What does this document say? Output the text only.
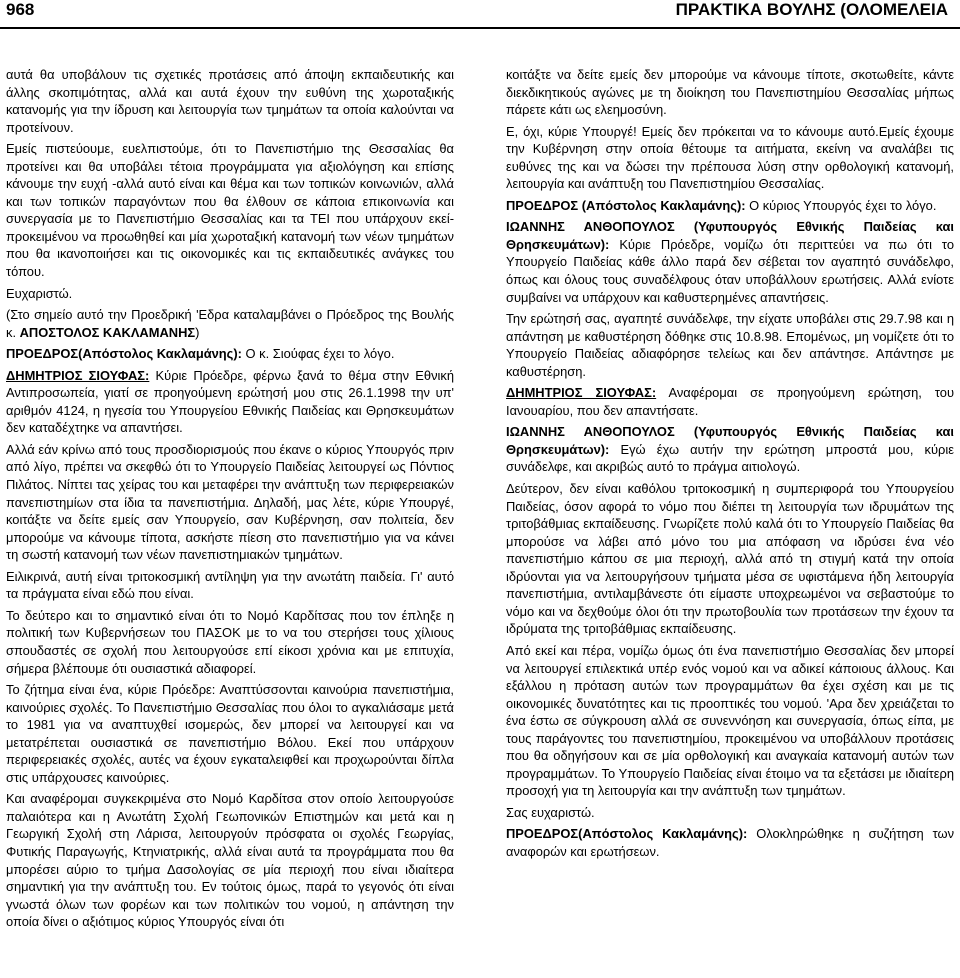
968	ΠΡΑΚΤΙΚΑ ΒΟΥΛΗΣ (ΟΛΟΜΕΛΕΙΑ

αυτά θα υποβάλουν τις σχετικές προτάσεις από άποψη εκπαιδευτικής και άλλης σκοπιμότητας, αλλά και αυτά έχουν την ευθύνη της χωροταξικής κατανομής για την ίδρυση και λειτουργία των τμημάτων τα οποία καλούνται να προτείνουν.

Εμείς πιστεύουμε, ευελπιστούμε, ότι το Πανεπιστήμιο της Θεσσαλίας θα προτείνει και θα υποβάλει τέτοια προγράμματα για αξιολόγηση και επίσης κάνουμε την ευχή -αλλά αυτό είναι και θέμα και των τοπικών κοινωνιών, αλλά και των τοπικών παραγόντων που θα έλθουν σε κάποια επικοινωνία και συνεργασία με το Πανεπιστήμιο Θεσσαλίας και τα ΤΕΙ που υπάρχουν εκεί- προκειμένου να προωθηθεί και μία χωροταξική κατανομή των νέων τμημάτων που θα ικανοποιήσει και τις οικονομικές και τις εκπαιδευτικές ανάγκες του τόπου.

Ευχαριστώ.

(Στο σημείο αυτό την Προεδρική 'Εδρα καταλαμβάνει ο Πρόεδρος της Βουλής κ. ΑΠΟΣΤΟΛΟΣ ΚΑΚΛΑΜΑΝΗΣ)

ΠΡΟΕΔΡΟΣ(Απόστολος Κακλαμάνης): Ο κ. Σιούφας έχει το λόγο.

ΔΗΜΗΤΡΙΟΣ ΣΙΟΥΦΑΣ: Κύριε Πρόεδρε, φέρνω ξανά το θέμα στην Εθνική Αντιπροσωπεία, γιατί σε προηγούμενη ερώτησή μου στις 26.1.1998 την υπ' αριθμόν 4124, η ηγεσία του Υπουργείου Εθνικής Παιδείας και Θρησκευμάτων δεν καταδέχτηκε να απαντήσει.

Αλλά εάν κρίνω από τους προσδιορισμούς που έκανε ο κύριος Υπουργός πριν από λίγο, πρέπει να σκεφθώ ότι το Υπουργείο Παιδείας λειτουργεί ως Πόντιος Πιλάτος. Νίπτει τας χείρας του και μεταφέρει την ανάπτυξη των περιφερειακών πανεπιστημίων στα ίδια τα πανεπιστήμια. Δηλαδή, μας λέτε, κύριε Υπουργέ, κοιτάξτε να δείτε εμείς σαν Υπουργείο, σαν Κυβέρνηση, σαν πολιτεία, δεν μπορούμε να κάνουμε τίποτα, ασκήστε πίεση στο πανεπιστήμιο για να κάνει τη σωστή κατανομή των νέων πανεπιστημιακών τμημάτων.

Ειλικρινά, αυτή είναι τριτοκοσμική αντίληψη για την ανωτάτη παιδεία. Γι' αυτό τα πράγματα είναι εδώ που είναι.

Το δεύτερο και το σημαντικό είναι ότι το Νομό Καρδίτσας που τον έπληξε η πολιτική των Κυβερνήσεων του ΠΑΣΟΚ με το να του στερήσει τους χίλιους σπουδαστές σε σχολή που λειτουργούσε επί είκοσι χρόνια και με επιτυχία, σήμερα βλέπουμε ότι ουσιαστικά αδιαφορεί.

Το ζήτημα είναι ένα, κύριε Πρόεδρε: Αναπτύσσονται καινούρια πανεπιστήμια, καινούριες σχολές. Το Πανεπιστήμιο Θεσσαλίας που όλοι το αγκαλιάσαμε μετά το 1981 για να αναπτυχθεί ισομερώς, δεν μπορεί να λειτουργεί και να μετατρέπεται ουσιαστικά σε πανεπιστήμιο Βόλου. Εκεί που υπάρχουν περιφερειακές σχολές, αυτές να έχουν εγκαταλειφθεί και προχωρούνται δίπλα στις υπάρχουσες καινούριες.

Και αναφέρομαι συγκεκριμένα στο Νομό Καρδίτσα στον οποίο λειτουργούσε παλαιότερα και η Ανωτάτη Σχολή Γεωπονικών Επιστημών και μετά και η Γεωργική Σχολή στη Λάρισα, λειτουργούν πρόσφατα οι σχολές Γεωργίας, Φυτικής Παραγωγής, Κτηνιατρικής, αλλά είναι αυτά τα προγράμματα που θα μπορέσει αύριο το τμήμα Δασολογίας σε μία περιοχή που είναι ιδιαίτερα σημαντική για την ανάπτυξη του. Εν τούτοις όμως, παρά το γεγονός ότι είναι γνωστά όλων των φορέων και των πολιτικών του νομού, η απάντηση την οποία δίνει ο αξιότιμος κύριος Υπουργός είναι ότι

κοιτάξτε να δείτε εμείς δεν μπορούμε να κάνουμε τίποτε, σκοτωθείτε, κάντε διεκδικητικούς αγώνες με τη διοίκηση του Πανεπιστημίου Θεσσαλίας μήπως πάρετε κάτι ως ελεημοσύνη.

Ε, όχι, κύριε Υπουργέ! Εμείς δεν πρόκειται να το κάνουμε αυτό.Εμείς έχουμε την Κυβέρνηση στην οποία θέτουμε τα αιτήματα, εκείνη να αναλάβει τις ευθύνες της και να δώσει την πρέπουσα λύση στην ορθολογική κατανομή, λειτουργία και ανάπτυξη του Πανεπιστημίου Θεσσαλίας.

ΠΡΟΕΔΡΟΣ (Απόστολος Κακλαμάνης): Ο κύριος Υπουργός έχει το λόγο.

ΙΩΑΝΝΗΣ ΑΝΘΟΠΟΥΛΟΣ (Υφυπουργός Εθνικής Παιδείας και Θρησκευμάτων): Κύριε Πρόεδρε, νομίζω ότι περιττεύει να πω ότι το Υπουργείο Παιδείας κάθε άλλο παρά δεν σέβεται τον αγαπητό συνάδελφο, όπως και όλους τους συναδέλφους όταν υποβάλλουν ερωτήσεις. Αλλά ενίοτε συμβαίνει να υπάρχουν και καθυστερημένες απαντήσεις.

Την ερώτησή σας, αγαπητέ συνάδελφε, την είχατε υποβάλει στις 29.7.98 και η απάντηση με καθυστέρηση δόθηκε στις 10.8.98. Επομένως, μη νομίζετε ότι το Υπουργείο Παιδείας αδιαφόρησε τελείως και δεν απάντησε. Απάντησε με καθυστέρηση.

ΔΗΜΗΤΡΙΟΣ ΣΙΟΥΦΑΣ: Αναφέρομαι σε προηγούμενη ερώτηση, του Ιανουαρίου, που δεν απαντήσατε.

ΙΩΑΝΝΗΣ ΑΝΘΟΠΟΥΛΟΣ (Υφυπουργός Εθνικής Παιδείας και Θρησκευμάτων): Εγώ έχω αυτήν την ερώτηση μπροστά μου, κύριε συνάδελφε, και ακριβώς αυτό το πράγμα αιτιολογώ.

Δεύτερον, δεν είναι καθόλου τριτοκοσμική η συμπεριφορά του Υπουργείου Παιδείας, όσον αφορά το νόμο που διέπει τη λειτουργία των ιδρυμάτων της τριτοβάθμιας εκπαίδευσης. Γνωρίζετε πολύ καλά ότι το Υπουργείο Παιδείας θα μπορούσε να λάβει από μόνο του μια απόφαση να ιδρύσει ένα νέο πανεπιστήμιο κάπου σε μια περιοχή, αλλά από τη στιγμή κατά την οποία ιδρύονται για να λειτουργήσουν τμήματα μέσα σε υφιστάμενα ήδη λειτουργία πανεπιστήμια, αντιλαμβάνεστε ότι είμαστε υποχρεωμένοι να σεβαστούμε το νόμο και να δεχθούμε όλοι ότι την πρωτοβουλία των προτάσεων την έχουν τα ιδρύματα της τριτοβάθμιας εκπαίδευσης.

Από εκεί και πέρα, νομίζω όμως ότι ένα πανεπιστήμιο Θεσσαλίας δεν μπορεί να λειτουργεί επιλεκτικά υπέρ ενός νομού και να αδικεί κάποιους άλλους. Και εξάλλου η πρόταση αυτών των προγραμμάτων θα έχει σχέση και με τις οικονομικές δυνατότητες και τις προοπτικές του νομού. 'Αρα δεν χρειάζεται το ένα έστω σε σύγκρουση αλλά σε συνεννόηση και συνεργασία, όπως είπα, με τους παράγοντες του πανεπιστημίου, προκειμένου να υποβάλλουν προτάσεις που θα οδηγήσουν και σε μία ορθολογική και αναγκαία κατανομή αυτών των προγραμμάτων. Το Υπουργείο Παιδείας είναι έτοιμο να τα εξετάσει με ιδιαίτερη προσοχή για τη λειτουργία και την ανάπτυξη των τμημάτων.

Σας ευχαριστώ.

ΠΡΟΕΔΡΟΣ(Απόστολος Κακλαμάνης): Ολοκληρώθηκε η συζήτηση των αναφορών και ερωτήσεων.
